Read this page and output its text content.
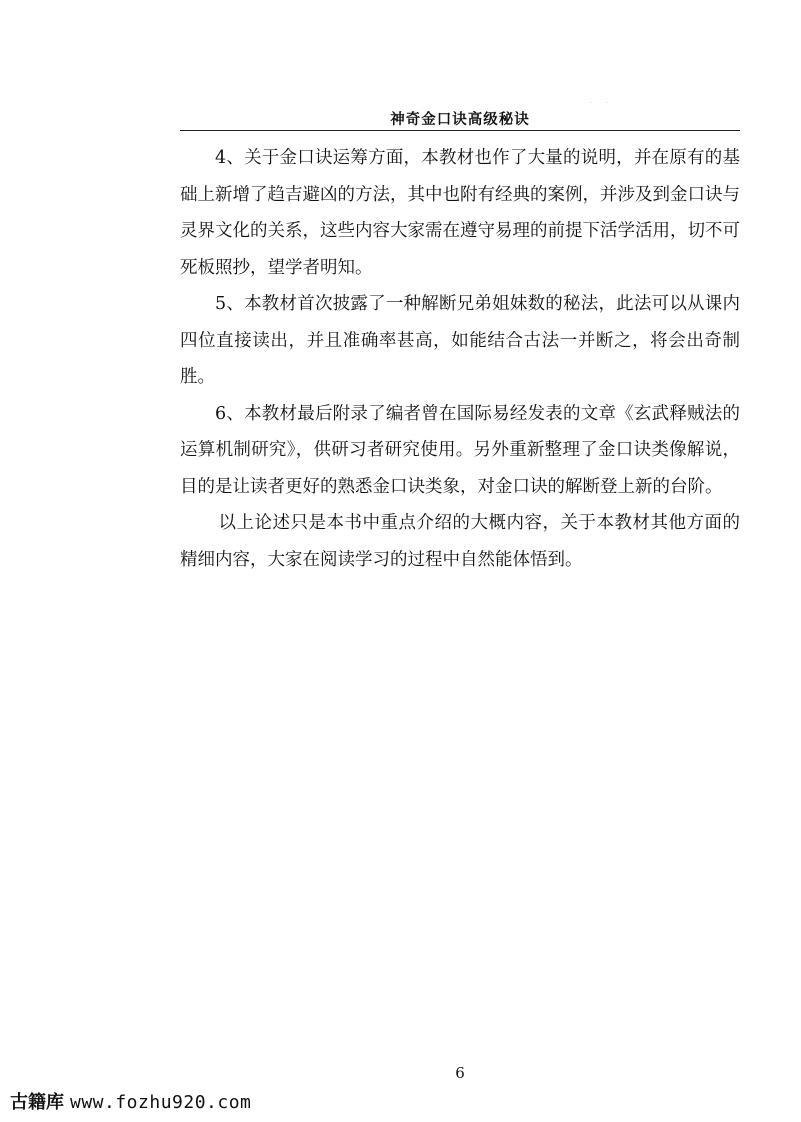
· ·
神奇金口诀高级秘诀

4、关于金口诀运筹方面，本教材也作了大量的说明，并在原有的基础上新增了趋吉避凶的方法，其中也附有经典的案例，并涉及到金口诀与灵界文化的关系，这些内容大家需在遵守易理的前提下活学活用，切不可死板照抄，望学者明知。

5、本教材首次披露了一种解断兄弟姐妹数的秘法，此法可以从课内四位直接读出，并且准确率甚高，如能结合古法一并断之，将会出奇制胜。

6、本教材最后附录了编者曾在国际易经发表的文章《玄武释贼法的运算机制研究》，供研习者研究使用。另外重新整理了金口诀类像解说，目的是让读者更好的熟悉金口诀类象，对金口诀的解断登上新的台阶。

以上论述只是本书中重点介绍的大概内容，关于本教材其他方面的精细内容，大家在阅读学习的过程中自然能体悟到。

6
古籍库 www.fozhu920.com
